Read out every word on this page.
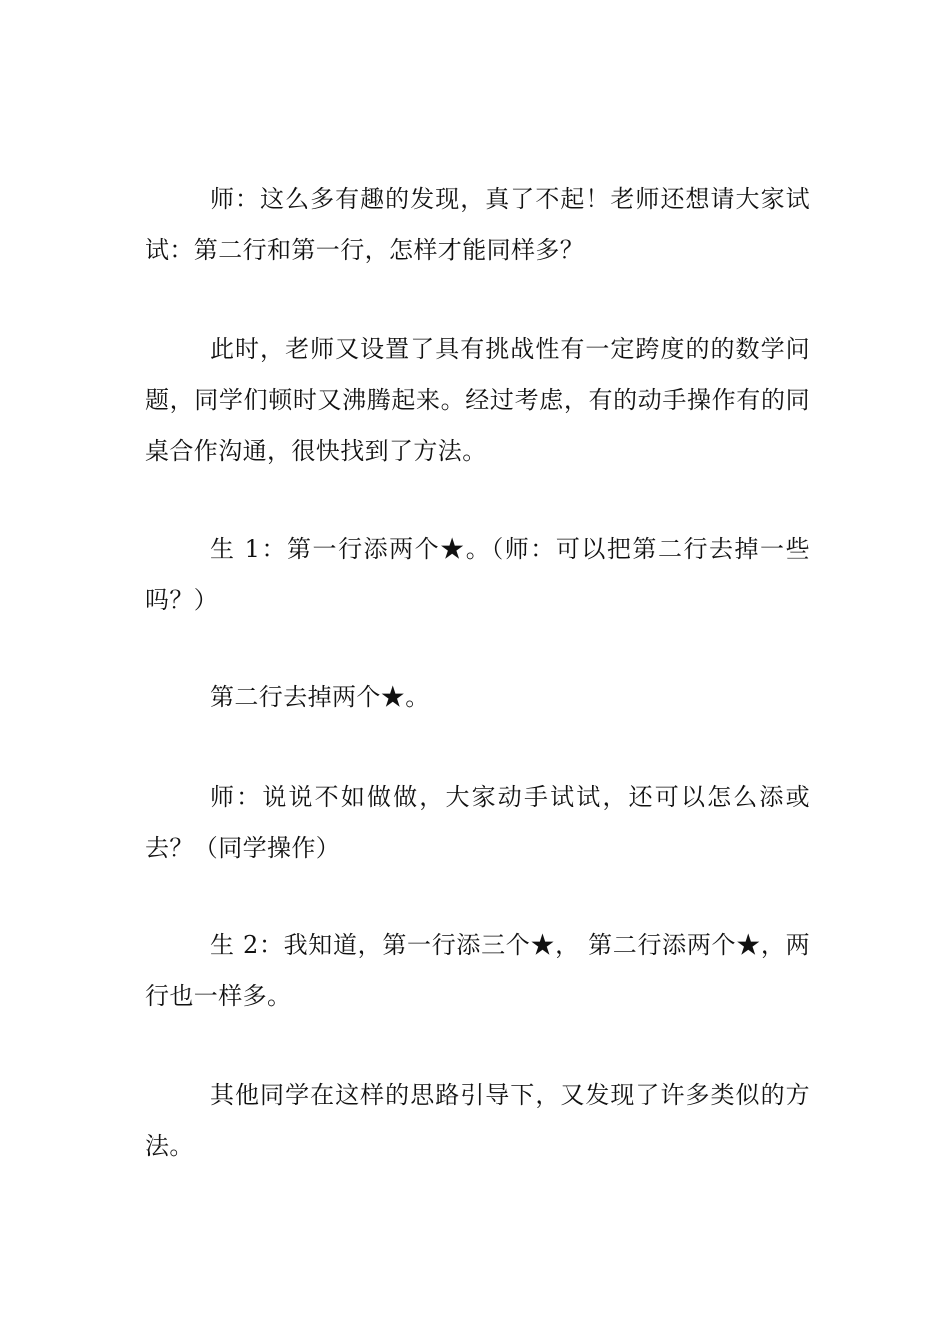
师：这么多有趣的发现，真了不起！老师还想请大家试试：第二行和第一行，怎样才能同样多？

此时，老师又设置了具有挑战性有一定跨度的的数学问题，同学们顿时又沸腾起来。经过考虑，有的动手操作有的同桌合作沟通，很快找到了方法。

生 1：第一行添两个★。（师：可以把第二行去掉一些吗？）

第二行去掉两个★。

师：说说不如做做，大家动手试试，还可以怎么添或去？（同学操作）

生 2：我知道，第一行添三个★， 第二行添两个★，两行也一样多。

其他同学在这样的思路引导下，又发现了许多类似的方法。
